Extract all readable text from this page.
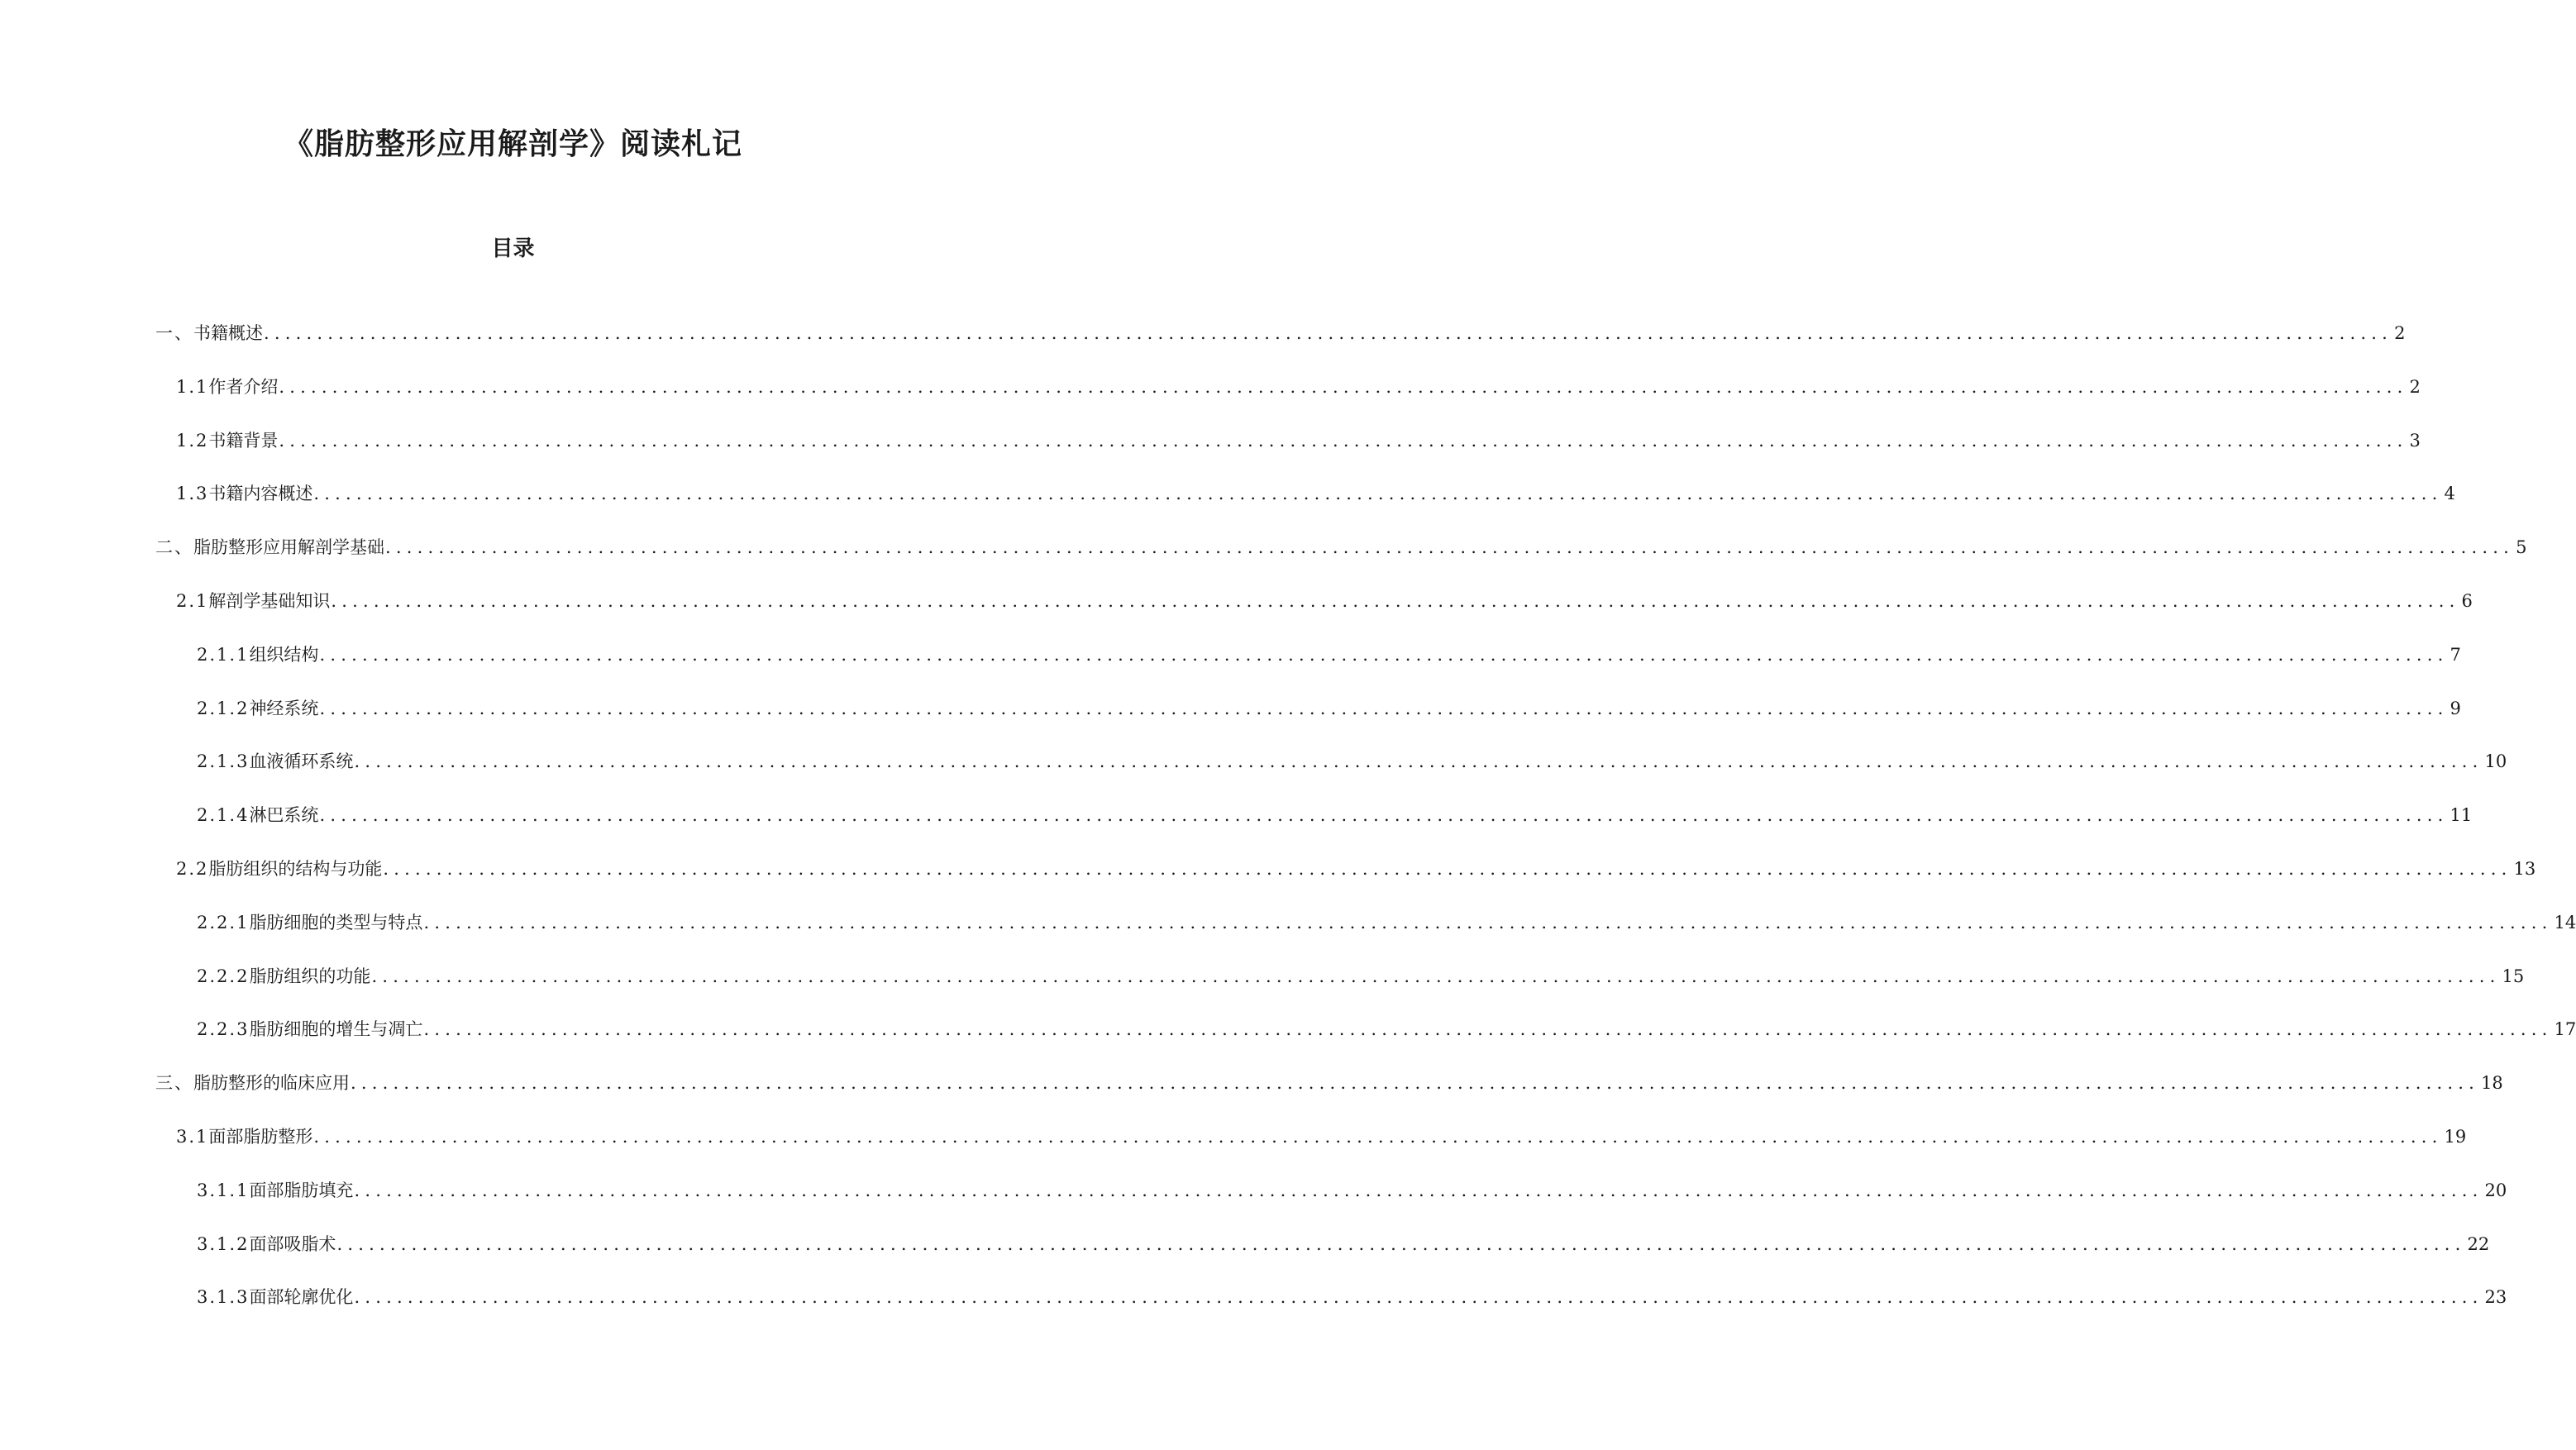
《脂肪整形应用解剖学》阅读札记
目录
一、 书籍概述 ........................................................................................................................................................................................................ 2
1.1 作者介绍 ........................................................................................................................................................................................................ 2
1.2 书籍背景 ........................................................................................................................................................................................................ 3
1.3 书籍内容概述 ........................................................................................................................................................................................................ 4
二、 脂肪整形应用解剖学基础 ........................................................................................................................................................................................................ 5
2.1 解剖学基础知识 ........................................................................................................................................................................................................ 6
2.1.1 组织结构 ........................................................................................................................................................................................................ 7
2.1.2 神经系统 ........................................................................................................................................................................................................ 9
2.1.3 血液循环系统 ........................................................................................................................................................................................................ 10
2.1.4 淋巴系统 ........................................................................................................................................................................................................ 11
2.2 脂肪组织的结构与功能 ........................................................................................................................................................................................................ 13
2.2.1 脂肪细胞的类型与特点 ........................................................................................................................................................................................................ 14
2.2.2 脂肪组织的功能 ........................................................................................................................................................................................................ 15
2.2.3 脂肪细胞的增生与凋亡 ........................................................................................................................................................................................................ 17
三、 脂肪整形的临床应用 ........................................................................................................................................................................................................ 18
3.1 面部脂肪整形 ........................................................................................................................................................................................................ 19
3.1.1 面部脂肪填充 ........................................................................................................................................................................................................ 20
3.1.2 面部吸脂术 ........................................................................................................................................................................................................ 22
3.1.3 面部轮廓优化 ........................................................................................................................................................................................................ 23
